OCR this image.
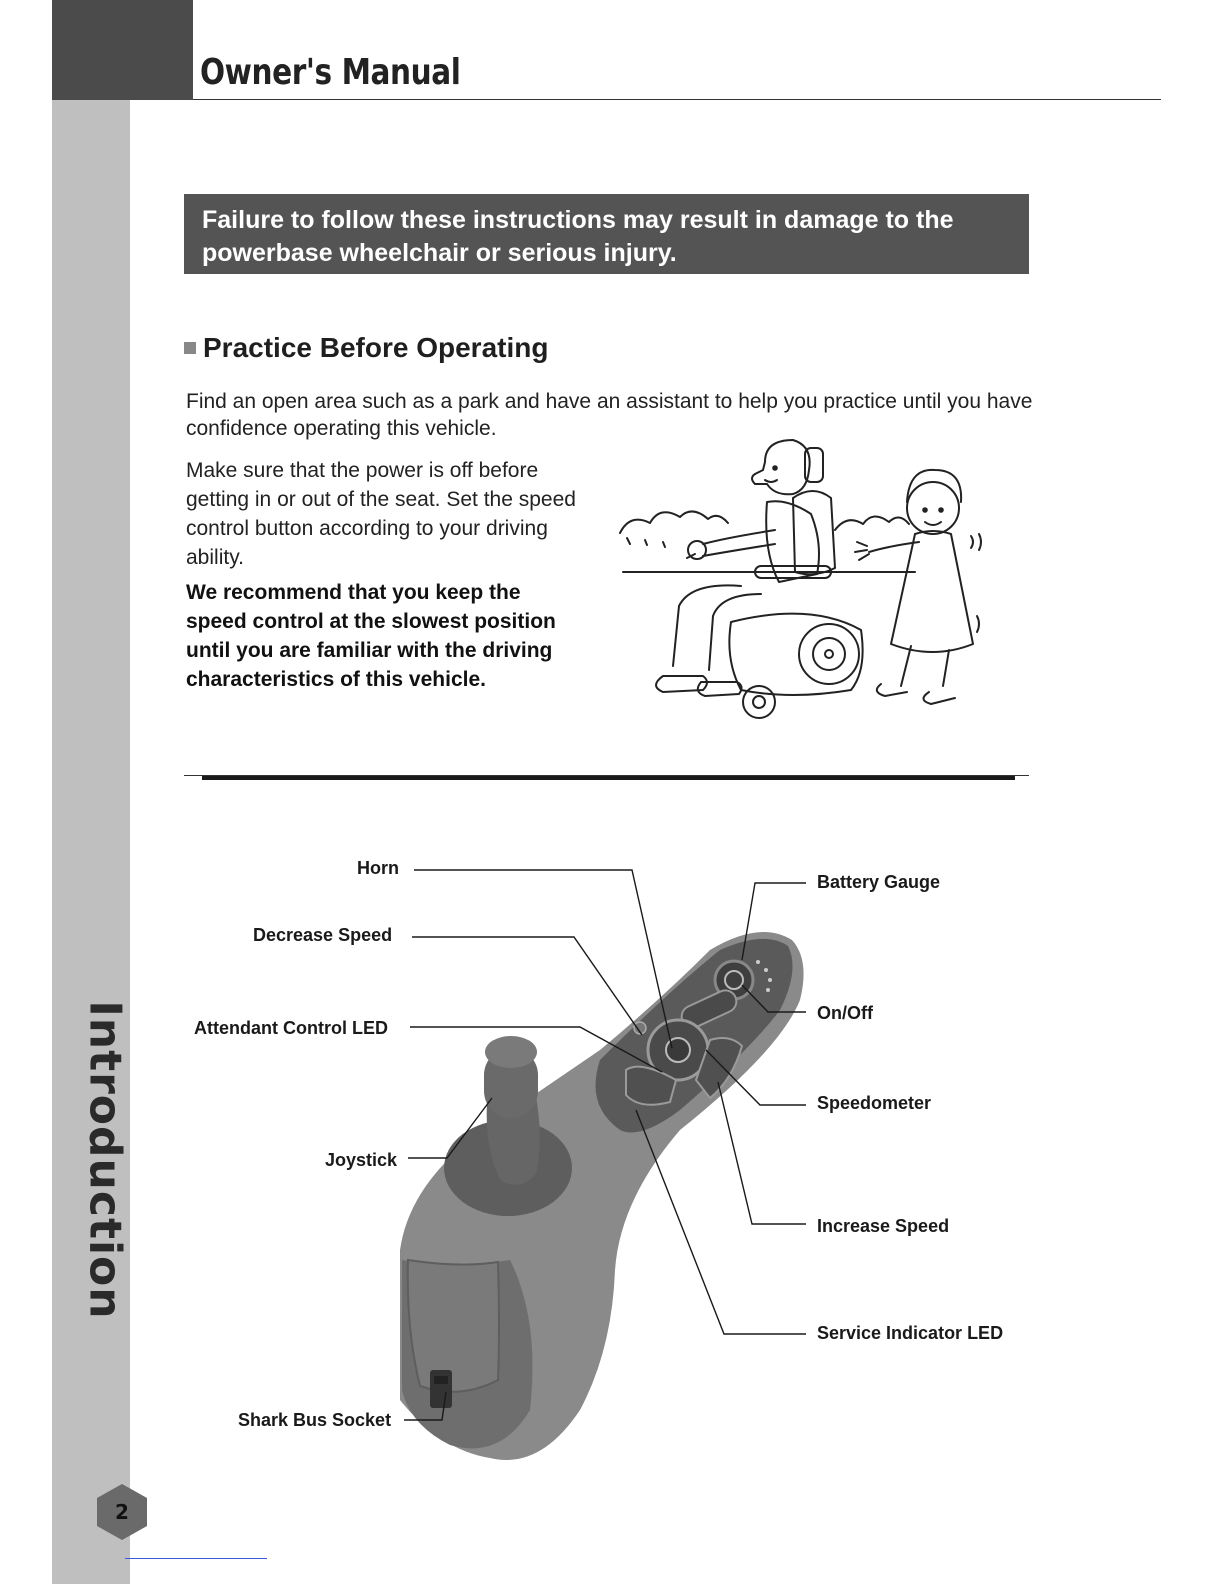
Owner's Manual
Introduction
Failure to follow these instructions may result in damage to the powerbase wheelchair or serious injury.
Practice Before Operating

Find an open area such as a park and have an assistant to help you practice until you have confidence operating this vehicle.

Make sure that the power is off before getting in or out of the seat. Set the speed control button according to your driving ability.

We recommend that you keep the speed control at the slowest position until you are familiar with the driving characteristics of this vehicle.

Horn
Decrease Speed
Attendant Control LED
Joystick
Shark Bus Socket
Battery Gauge
On/Off
Speedometer
Increase Speed
Service Indicator LED
2
